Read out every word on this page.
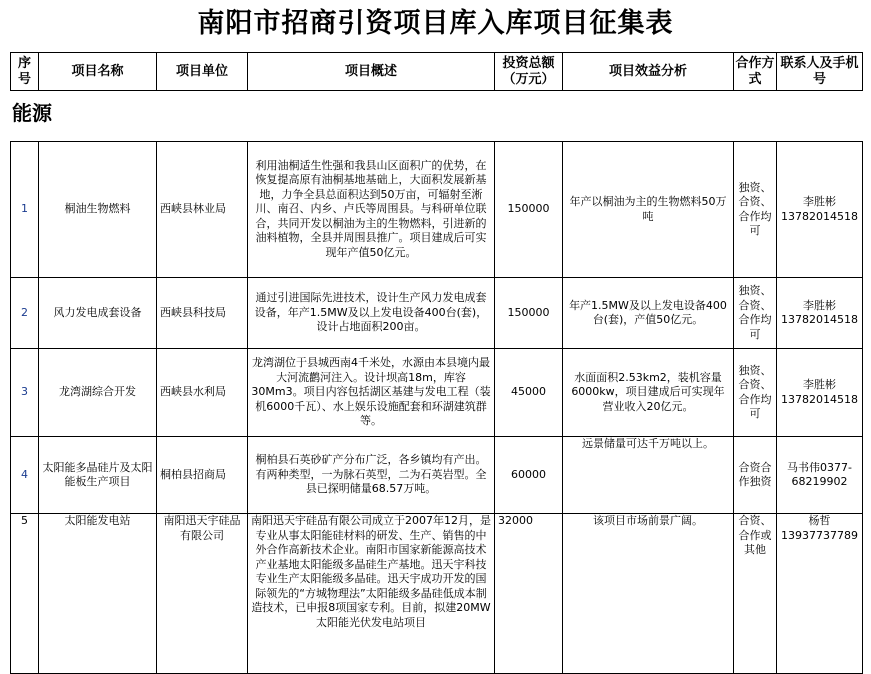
南阳市招商引资项目库入库项目征集表
序号	项目名称	项目单位	项目概述	投资总额（万元）	项目效益分析	合作方式	联系人及手机号
能源
1	桐油生物燃料	西峡县林业局	利用油桐适生性强和我县山区面积广的优势，在恢复提高原有油桐基地基础上，大面积发展新基地，力争全县总面积达到50万亩，可辐射至淅川、南召、内乡、卢氏等周围县。与科研单位联合，共同开发以桐油为主的生物燃料，引进新的油料植物，全县并周围县推广。项目建成后可实现年产值50亿元。	150000	年产以桐油为主的生物燃料50万吨	独资、合资、合作均可	李胜彬
13782014518

2	风力发电成套设备	西峡县科技局	通过引进国际先进技术，设计生产风力发电成套设备，年产1.5MW及以上发电设备400台(套)，设计占地面积200亩。	150000	年产1.5MW及以上发电设备400台(套)，产值50亿元。	独资、合资、合作均可	李胜彬
13782014518

3	龙湾湖综合开发	西峡县水利局	龙湾湖位于县城西南4千米处，水源由本县境内最大河流鹳河注入。设计坝高18m，库容30Mm3。项目内容包括湖区基建与发电工程（装机6000千瓦）、水上娱乐设施配套和环湖建筑群等。	45000	水面面积2.53km2，装机容量6000kw，项目建成后可实现年营业收入20亿元。	独资、合资、合作均可	李胜彬
13782014518

4	太阳能多晶硅片及太阳能板生产项目	桐柏县招商局	桐柏县石英砂矿产分布广泛，各乡镇均有产出。有两种类型，一为脉石英型，二为石英岩型。全县已探明储量68.57万吨。	60000	远景储量可达千万吨以上。	合资合作独资	马书伟0377-
68219902

5	太阳能发电站	南阳迅天宇硅品有限公司	南阳迅天宇硅品有限公司成立于2007年12月，是专业从事太阳能硅材料的研发、生产、销售的中外合作高新技术企业。南阳市国家新能源高技术产业基地太阳能级多晶硅生产基地。迅天宇科技专业生产太阳能级多晶硅。迅天宇成功开发的国际领先的“方城物理法”太阳能级多晶硅低成本制造技术，已申报8项国家专利。目前，拟建20MW太阳能光伏发电站项目	32000	该项目市场前景广阔。	合资、合作或其他	杨哲
13937737789
